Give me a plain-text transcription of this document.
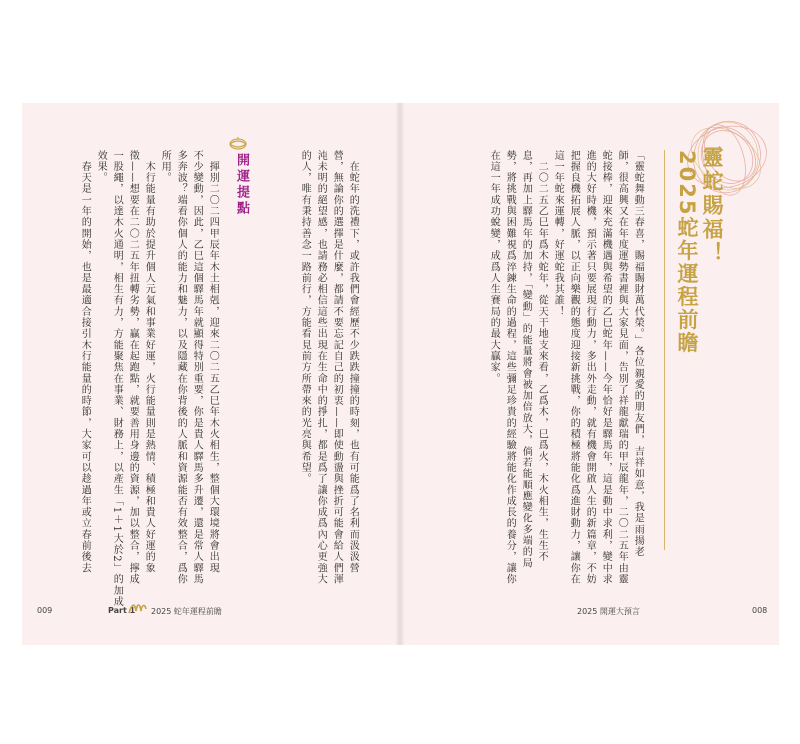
靈蛇賜福！
2025蛇年運程前瞻
「靈蛇舞動三春喜，賜福賜財萬代榮。」各位親愛的朋友們，吉祥如意，我是雨揚老
師，很高興又在年度運勢書裡與大家見面，告別了祥龍獻瑞的甲辰龍年，二〇二五年由靈
蛇接棒，迎來充滿機遇與希望的乙巳蛇年——今年恰好是驛馬年，這是動中求利，變中求
進的大好時機，預示著只要展現行動力，多出外走動，就有機會開啟人生的新篇章，不妨
把握良機拓展人脈，以正向樂觀的態度迎接新挑戰，你的積極將能化爲進財動力，讓你在
這一年蛇來運轉，好運蛇我其誰！
　二〇二五乙巳年爲木蛇年，從天干地支來看，乙爲木，巳爲火，木火相生，生生不
息，再加上驛馬年的加持，「變動」的能量將會被加倍放大，倘若能順應變化多端的局
勢，將挑戰與困難視爲淬鍊生命的過程，這些彌足珍貴的經驗將能化作成長的養分，讓你
在這一年成功蛻變，成爲人生賽局的最大贏家。
2025 開運大預言	008
　在蛇年的洗禮下，或許我們會經歷不少跌跌撞撞的時刻，也有可能爲了名利而汲汲營
營，無論你的選擇是什麼，都請不要忘記自己的初衷——即使動盪與挫折可能會給人們渾
沌未明的絕望感，也請務必相信這些出現在生命中的掙扎，都是爲了讓你成爲內心更強大
的人，唯有秉持善念一路前行，方能看見前方所帶來的光亮與希望。
開運提點
　揮別二〇二四甲辰年木土相剋，迎來二〇二五乙巳年木火相生，整個大環境將會出現
不少變動，因此，乙巳這個驛馬年就顯得特別重要，你是貴人驛馬多升遷，還是常人驛馬
多奔波？端看你個人的能力和魅力，以及隱藏在你背後的人脈和資源能否有效整合，爲你
所用。
　木行能量有助於提升個人元氣和事業好運，火行能量則是熱情、積極和貴人好運的象
徵——想要在二〇二五年扭轉劣勢，贏在起跑點，就要善用身邊的資源，加以整合，擰成
一股繩，以達木火通明，相生有力，方能聚焦在事業、財務上，以產生「1＋1大於2」的加成
效果。
　春天是一年的開始，也是最適合接引木行能量的時節，大家可以趁過年或立春前後去
009	Part 1 2025 蛇年運程前瞻
